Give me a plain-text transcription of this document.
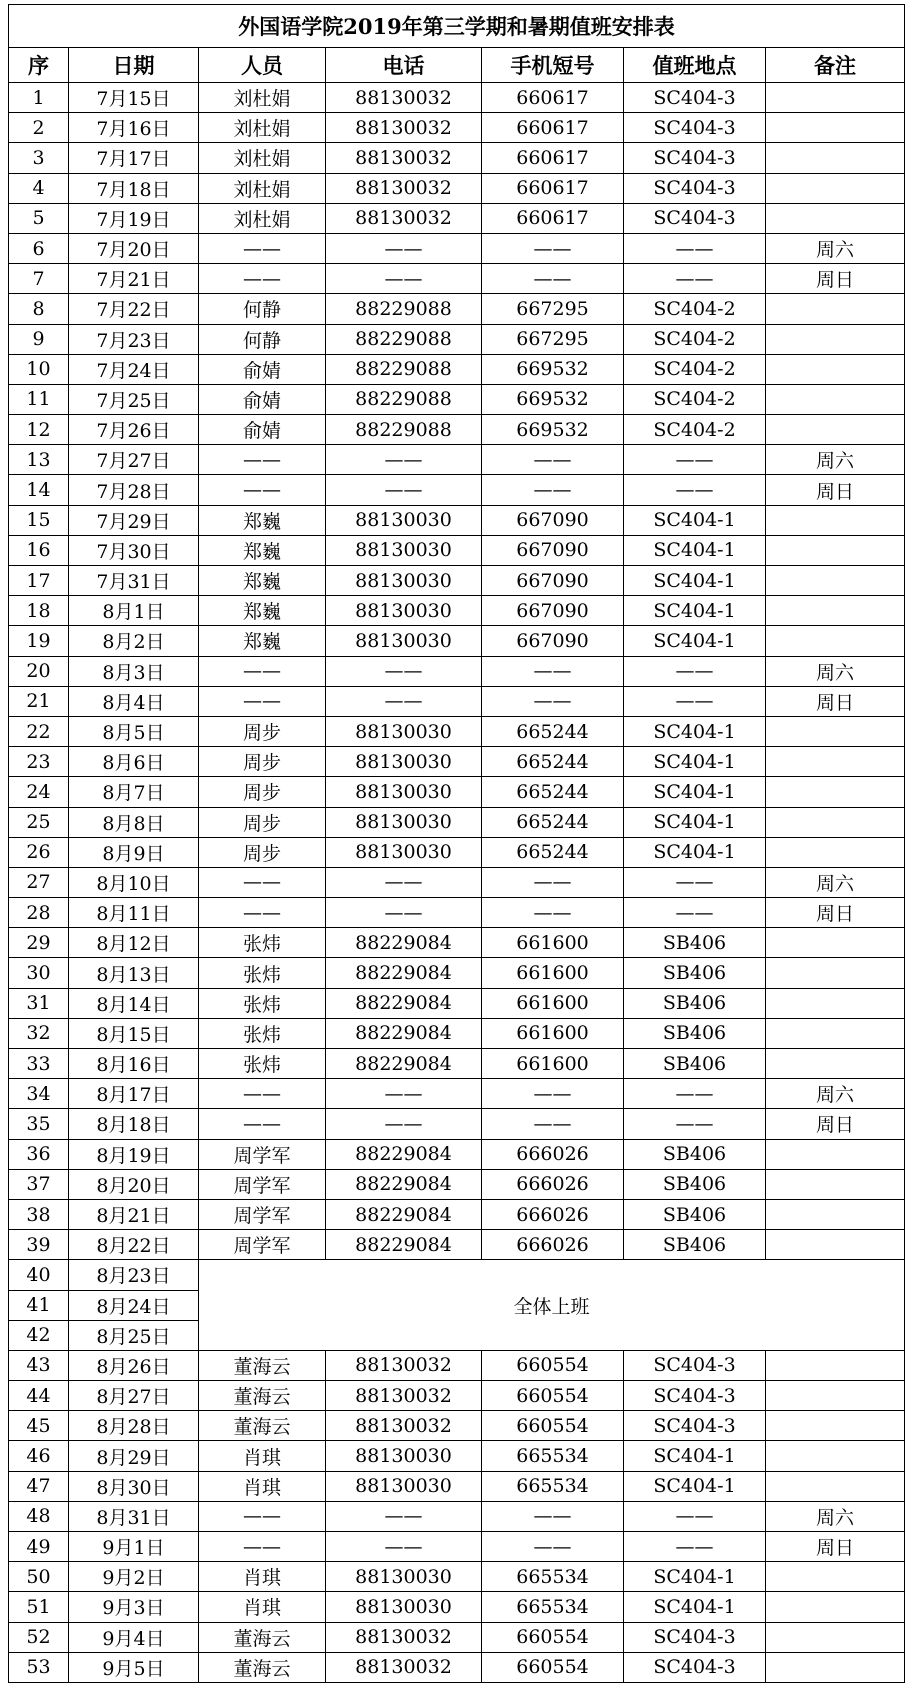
外国语学院2019年第三学期和暑期值班安排表						
序	日期	人员	电话	手机短号	值班地点	备注
1	7月15日	刘杜娟	88130032	660617	SC404-3	
2	7月16日	刘杜娟	88130032	660617	SC404-3	
3	7月17日	刘杜娟	88130032	660617	SC404-3	
4	7月18日	刘杜娟	88130032	660617	SC404-3	
5	7月19日	刘杜娟	88130032	660617	SC404-3	
6	7月20日	——	——	——	——	周六
7	7月21日	——	——	——	——	周日
8	7月22日	何静	88229088	667295	SC404-2	
9	7月23日	何静	88229088	667295	SC404-2	
10	7月24日	俞婧	88229088	669532	SC404-2	
11	7月25日	俞婧	88229088	669532	SC404-2	
12	7月26日	俞婧	88229088	669532	SC404-2	
13	7月27日	——	——	——	——	周六
14	7月28日	——	——	——	——	周日
15	7月29日	郑巍	88130030	667090	SC404-1	
16	7月30日	郑巍	88130030	667090	SC404-1	
17	7月31日	郑巍	88130030	667090	SC404-1	
18	8月1日	郑巍	88130030	667090	SC404-1	
19	8月2日	郑巍	88130030	667090	SC404-1	
20	8月3日	——	——	——	——	周六
21	8月4日	——	——	——	——	周日
22	8月5日	周步	88130030	665244	SC404-1	
23	8月6日	周步	88130030	665244	SC404-1	
24	8月7日	周步	88130030	665244	SC404-1	
25	8月8日	周步	88130030	665244	SC404-1	
26	8月9日	周步	88130030	665244	SC404-1	
27	8月10日	——	——	——	——	周六
28	8月11日	——	——	——	——	周日
29	8月12日	张炜	88229084	661600	SB406	
30	8月13日	张炜	88229084	661600	SB406	
31	8月14日	张炜	88229084	661600	SB406	
32	8月15日	张炜	88229084	661600	SB406	
33	8月16日	张炜	88229084	661600	SB406	
34	8月17日	——	——	——	——	周六
35	8月18日	——	——	——	——	周日
36	8月19日	周学军	88229084	666026	SB406	
37	8月20日	周学军	88229084	666026	SB406	
38	8月21日	周学军	88229084	666026	SB406	
39	8月22日	周学军	88229084	666026	SB406	
40	8月23日	全体上班				
41	8月24日					
42	8月25日					
43	8月26日	董海云	88130032	660554	SC404-3	
44	8月27日	董海云	88130032	660554	SC404-3	
45	8月28日	董海云	88130032	660554	SC404-3	
46	8月29日	肖琪	88130030	665534	SC404-1	
47	8月30日	肖琪	88130030	665534	SC404-1	
48	8月31日	——	——	——	——	周六
49	9月1日	——	——	——	——	周日
50	9月2日	肖琪	88130030	665534	SC404-1	
51	9月3日	肖琪	88130030	665534	SC404-1	
52	9月4日	董海云	88130032	660554	SC404-3	
53	9月5日	董海云	88130032	660554	SC404-3	
